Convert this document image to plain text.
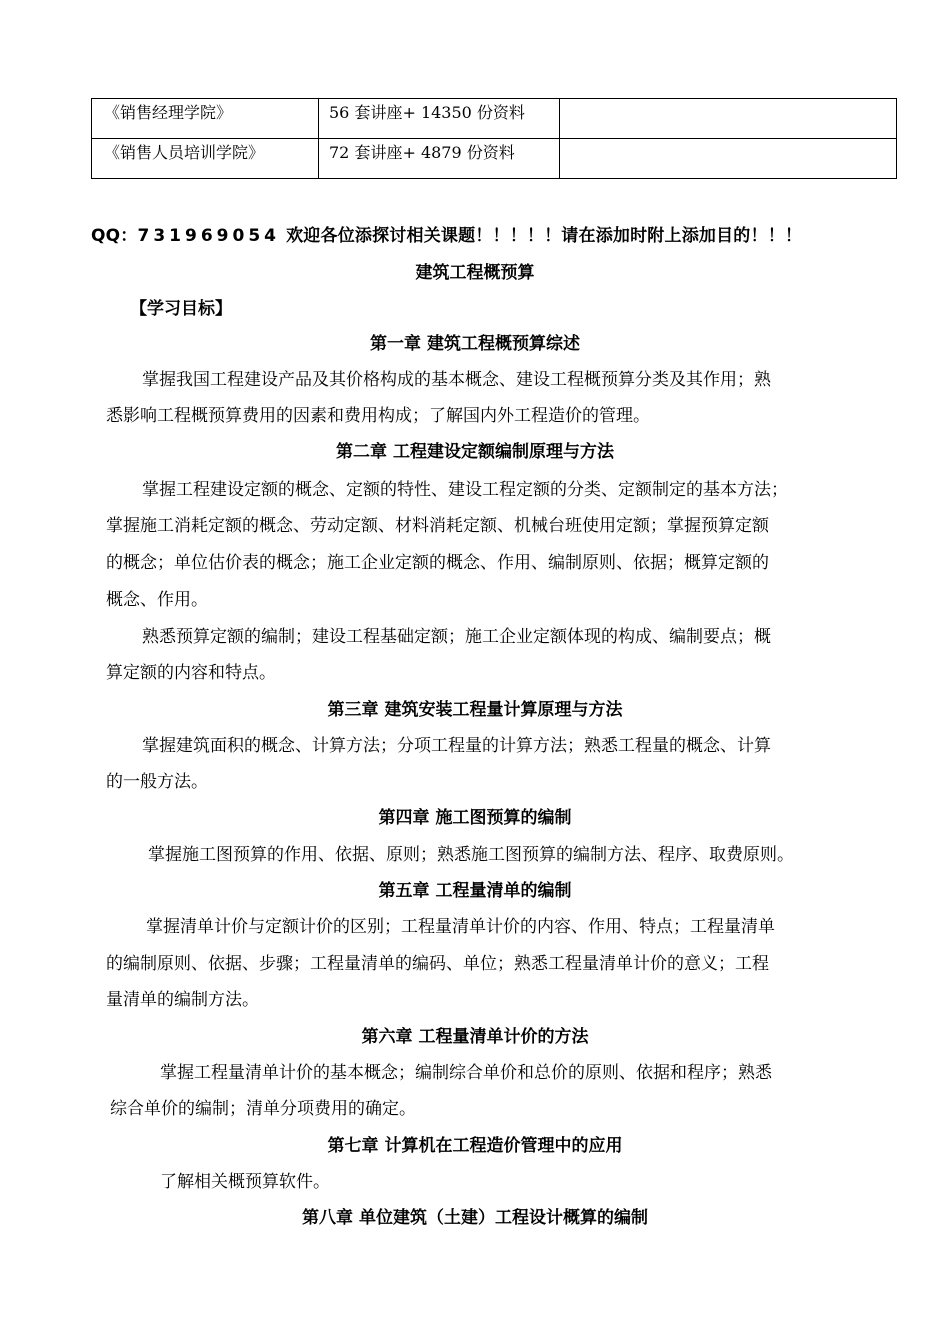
《销售经理学院》	56 套讲座+ 14350 份资料	
《销售人员培训学院》	72 套讲座+ 4879 份资料	
QQ：731969054 欢迎各位添探讨相关课题！！！！！请在添加时附上添加目的！！！
建筑工程概预算
【学习目标】
第一章 建筑工程概预算综述
掌握我国工程建设产品及其价格构成的基本概念、建设工程概预算分类及其作用；熟
悉影响工程概预算费用的因素和费用构成；了解国内外工程造价的管理。
第二章 工程建设定额编制原理与方法
掌握工程建设定额的概念、定额的特性、建设工程定额的分类、定额制定的基本方法；
掌握施工消耗定额的概念、劳动定额、材料消耗定额、机械台班使用定额；掌握预算定额
的概念；单位估价表的概念；施工企业定额的概念、作用、编制原则、依据；概算定额的
概念、作用。
熟悉预算定额的编制；建设工程基础定额；施工企业定额体现的构成、编制要点；概
算定额的内容和特点。
第三章 建筑安装工程量计算原理与方法
掌握建筑面积的概念、计算方法；分项工程量的计算方法；熟悉工程量的概念、计算
的一般方法。
第四章 施工图预算的编制
掌握施工图预算的作用、依据、原则；熟悉施工图预算的编制方法、程序、取费原则。
第五章 工程量清单的编制
掌握清单计价与定额计价的区别；工程量清单计价的内容、作用、特点；工程量清单
的编制原则、依据、步骤；工程量清单的编码、单位；熟悉工程量清单计价的意义；工程
量清单的编制方法。
第六章 工程量清单计价的方法
掌握工程量清单计价的基本概念；编制综合单价和总价的原则、依据和程序；熟悉
综合单价的编制；清单分项费用的确定。
第七章 计算机在工程造价管理中的应用
了解相关概预算软件。
第八章 单位建筑（土建）工程设计概算的编制
